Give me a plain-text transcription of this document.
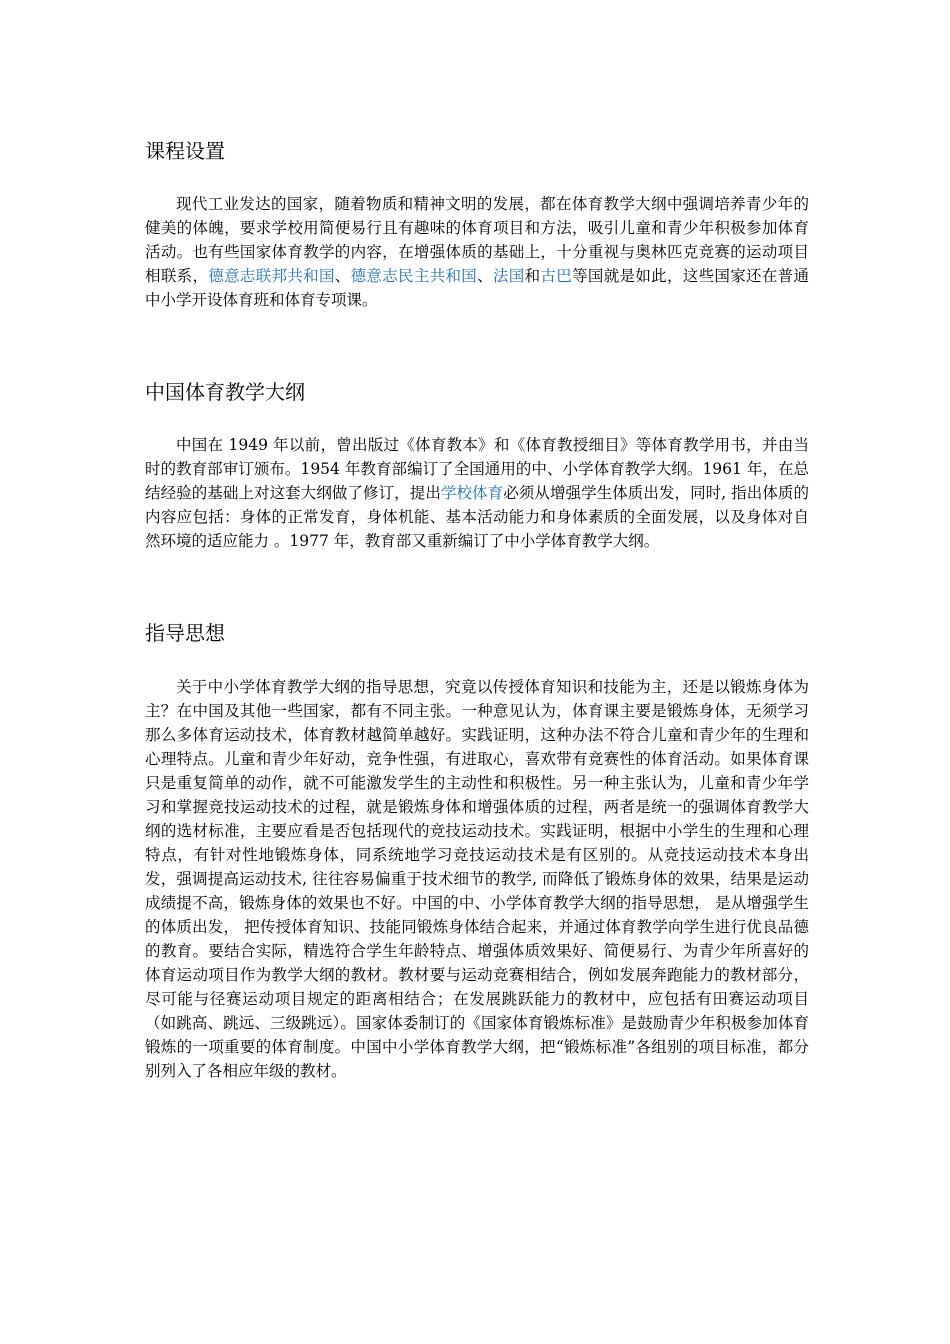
课程设置

现代工业发达的国家，随着物质和精神文明的发展，都在体育教学大纲中强调培养青少年的健美的体魄，要求学校用简便易行且有趣味的体育项目和方法，吸引儿童和青少年积极参加体育活动。也有些国家体育教学的内容，在增强体质的基础上，十分重视与奥林匹克竞赛的运动项目相联系，德意志联邦共和国、德意志民主共和国、法国和古巴等国就是如此，这些国家还在普通中小学开设体育班和体育专项课。

中国体育教学大纲

中国在 1949 年以前，曾出版过《体育教本》和《体育教授细目》等体育教学用书，并由当时的教育部审订颁布。1954 年教育部编订了全国通用的中、小学体育教学大纲。1961 年，在总结经验的基础上对这套大纲做了修订，提出学校体育必须从增强学生体质出发，同时, 指出体质的内容应包括：身体的正常发育，身体机能、基本活动能力和身体素质的全面发展，以及身体对自然环境的适应能力 。1977 年，教育部又重新编订了中小学体育教学大纲。

指导思想

关于中小学体育教学大纲的指导思想，究竟以传授体育知识和技能为主，还是以锻炼身体为主？在中国及其他一些国家，都有不同主张。一种意见认为，体育课主要是锻炼身体，无须学习那么多体育运动技术，体育教材越简单越好。实践证明，这种办法不符合儿童和青少年的生理和心理特点。儿童和青少年好动，竞争性强，有进取心，喜欢带有竞赛性的体育活动。如果体育课只是重复简单的动作，就不可能激发学生的主动性和积极性。另一种主张认为，儿童和青少年学习和掌握竞技运动技术的过程，就是锻炼身体和增强体质的过程，两者是统一的强调体育教学大纲的选材标准，主要应看是否包括现代的竞技运动技术。实践证明，根据中小学生的生理和心理特点，有针对性地锻炼身体，同系统地学习竞技运动技术是有区别的。从竞技运动技术本身出发，强调提高运动技术, 往往容易偏重于技术细节的教学, 而降低了锻炼身体的效果，结果是运动成绩提不高，锻炼身体的效果也不好。中国的中、小学体育教学大纲的指导思想， 是从增强学生的体质出发， 把传授体育知识、技能同锻炼身体结合起来，并通过体育教学向学生进行优良品德的教育。要结合实际，精选符合学生年龄特点、增强体质效果好、简便易行、为青少年所喜好的体育运动项目作为教学大纲的教材。教材要与运动竞赛相结合，例如发展奔跑能力的教材部分，尽可能与径赛运动项目规定的距离相结合；在发展跳跃能力的教材中，应包括有田赛运动项目（如跳高、跳远、三级跳远）。国家体委制订的《国家体育锻炼标准》是鼓励青少年积极参加体育锻炼的一项重要的体育制度。中国中小学体育教学大纲，把“锻炼标准”各组别的项目标准，都分别列入了各相应年级的教材。
